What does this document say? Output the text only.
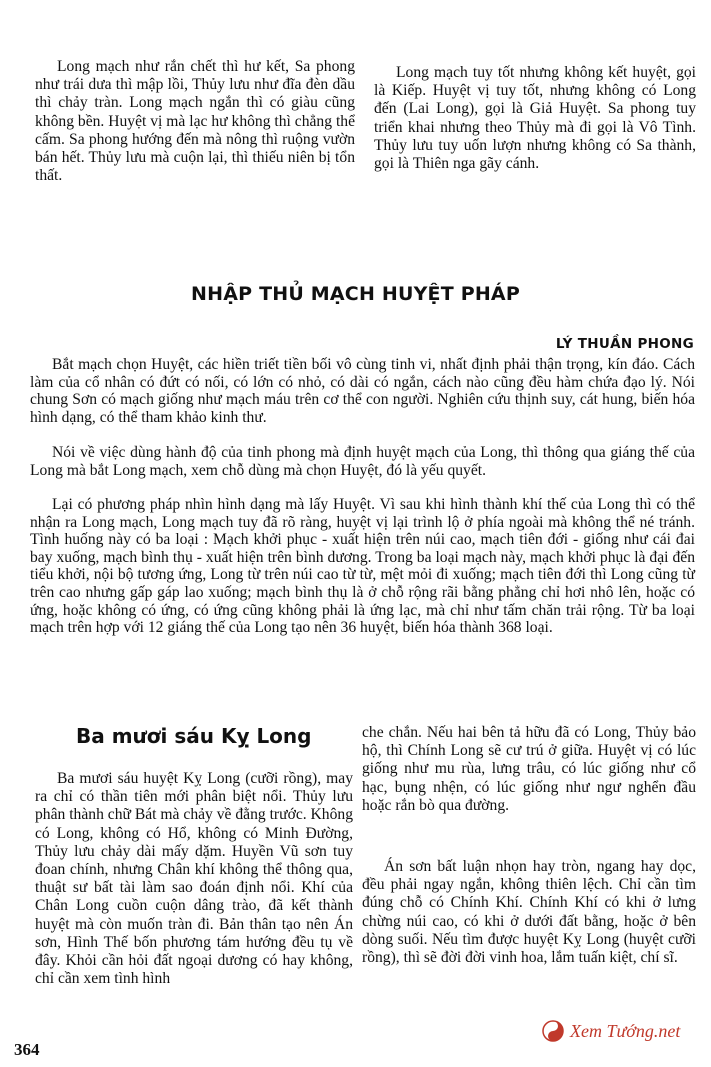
Long mạch như rắn chết thì hư kết, Sa phong như trái dưa thì mập lồi, Thủy lưu như đĩa đèn dầu thì chảy tràn. Long mạch ngắn thì có giàu cũng không bền. Huyệt vị mà lạc hư không thì chẳng thể cấm. Sa phong hướng đến mà nông thì ruộng vườn bán hết. Thủy lưu mà cuộn lại, thì thiếu niên bị tổn thất.

Long mạch tuy tốt nhưng không kết huyệt, gọi là Kiếp. Huyệt vị tuy tốt, nhưng không có Long đến (Lai Long), gọi là Giả Huyệt. Sa phong tuy triển khai nhưng theo Thủy mà đi gọi là Vô Tình. Thủy lưu tuy uốn lượn nhưng không có Sa thành, gọi là Thiên nga gãy cánh.

NHẬP THỦ MẠCH HUYỆT PHÁP
LÝ THUẦN PHONG

Bắt mạch chọn Huyệt, các hiền triết tiền bối vô cùng tinh vi, nhất định phải thận trọng, kín đáo. Cách làm của cổ nhân có đứt có nối, có lớn có nhỏ, có dài có ngắn, cách nào cũng đều hàm chứa đạo lý. Nói chung Sơn có mạch giống như mạch máu trên cơ thể con người. Nghiên cứu thịnh suy, cát hung, biến hóa hình dạng, có thể tham khảo kinh thư.

Nói về việc dùng hành độ của tinh phong mà định huyệt mạch của Long, thì thông qua giáng thế của Long mà bắt Long mạch, xem chỗ dùng mà chọn Huyệt, đó là yếu quyết.

Lại có phương pháp nhìn hình dạng mà lấy Huyệt. Vì sau khi hình thành khí thế của Long thì có thể nhận ra Long mạch, Long mạch tuy đã rõ ràng, huyệt vị lại trình lộ ở phía ngoài mà không thể né tránh. Tình huống này có ba loại : Mạch khởi phục - xuất hiện trên núi cao, mạch tiên đới - giống như cái đai bay xuống, mạch bình thụ - xuất hiện trên bình dương. Trong ba loại mạch này, mạch khởi phục là đại đến tiểu khởi, nội bộ tương ứng, Long từ trên núi cao từ từ, mệt mỏi đi xuống; mạch tiên đới thì Long cũng từ trên cao nhưng gấp gáp lao xuống; mạch bình thụ là ở chỗ rộng rãi bằng phẳng chỉ hơi nhô lên, hoặc có ứng, hoặc không có ứng, có ứng cũng không phải là ứng lạc, mà chỉ như tấm chăn trải rộng. Từ ba loại mạch trên hợp với 12 giáng thế của Long tạo nên 36 huyệt, biến hóa thành 368 loại.

Ba mươi sáu Kỵ Long

Ba mươi sáu huyệt Kỵ Long (cưỡi rồng), may ra chỉ có thần tiên mới phân biệt nổi. Thủy lưu phân thành chữ Bát mà chảy về đằng trước. Không có Long, không có Hổ, không có Minh Đường, Thủy lưu chảy dài mấy dặm. Huyền Vũ sơn tuy đoan chính, nhưng Chân khí không thể thông qua, thuật sư bất tài làm sao đoán định nổi. Khí của Chân Long cuồn cuộn dâng trào, đã kết thành huyệt mà còn muốn tràn đi. Bản thân tạo nên Án sơn, Hình Thế bốn phương tám hướng đều tụ về đây. Khỏi cần hỏi đất ngoại dương có hay không, chỉ cần xem tình hình

che chắn. Nếu hai bên tả hữu đã có Long, Thủy bảo hộ, thì Chính Long sẽ cư trú ở giữa. Huyệt vị có lúc giống như mu rùa, lưng trâu, có lúc giống như cổ hạc, bụng nhện, có lúc giống như ngư nghển đầu hoặc rắn bò qua đường.

Án sơn bất luận nhọn hay tròn, ngang hay dọc, đều phải ngay ngắn, không thiên lệch. Chỉ cần tìm đúng chỗ có Chính Khí. Chính Khí có khi ở lưng chừng núi cao, có khi ở dưới đất bằng, hoặc ở bên dòng suối. Nếu tìm được huyệt Kỵ Long (huyệt cưỡi rồng), thì sẽ đời đời vinh hoa, lắm tuấn kiệt, chí sĩ.

364
Xem Tướng.net
